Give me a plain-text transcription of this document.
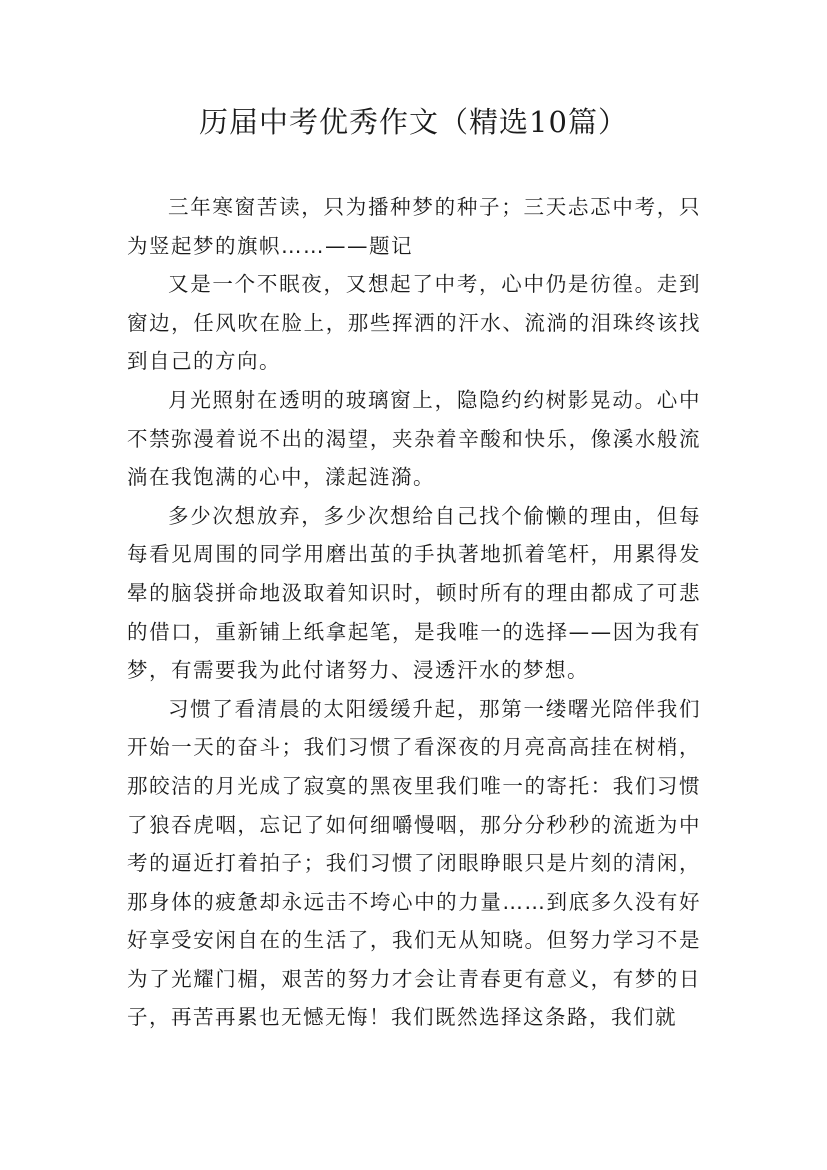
历届中考优秀作文（精选10篇）

三年寒窗苦读，只为播种梦的种子；三天忐忑中考，只为竖起梦的旗帜……——题记

又是一个不眠夜，又想起了中考，心中仍是彷徨。走到窗边，任风吹在脸上，那些挥洒的汗水、流淌的泪珠终该找到自己的方向。

月光照射在透明的玻璃窗上，隐隐约约树影晃动。心中不禁弥漫着说不出的渴望，夹杂着辛酸和快乐，像溪水般流淌在我饱满的心中，漾起涟漪。

多少次想放弃，多少次想给自己找个偷懒的理由，但每每看见周围的同学用磨出茧的手执著地抓着笔杆，用累得发晕的脑袋拼命地汲取着知识时，顿时所有的理由都成了可悲的借口，重新铺上纸拿起笔，是我唯一的选择——因为我有梦，有需要我为此付诸努力、浸透汗水的梦想。

习惯了看清晨的太阳缓缓升起，那第一缕曙光陪伴我们开始一天的奋斗；我们习惯了看深夜的月亮高高挂在树梢，那皎洁的月光成了寂寞的黑夜里我们唯一的寄托：我们习惯了狼吞虎咽，忘记了如何细嚼慢咽，那分分秒秒的流逝为中考的逼近打着拍子；我们习惯了闭眼睁眼只是片刻的清闲，那身体的疲惫却永远击不垮心中的力量……到底多久没有好好享受安闲自在的生活了，我们无从知晓。但努力学习不是为了光耀门楣，艰苦的努力才会让青春更有意义，有梦的日子，再苦再累也无憾无悔！我们既然选择这条路，我们就
